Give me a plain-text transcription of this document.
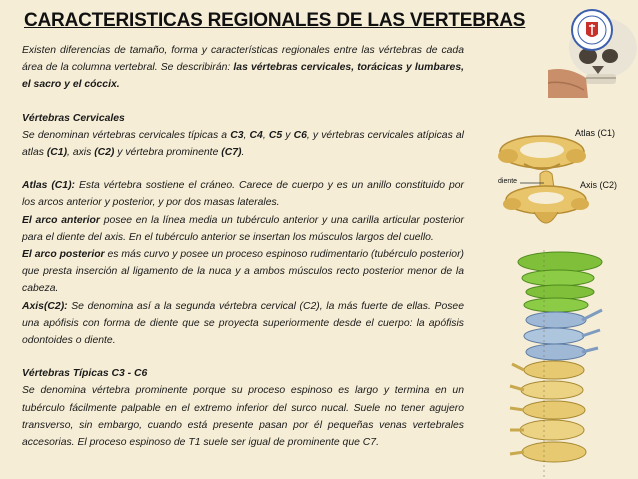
CARACTERISTICAS REGIONALES DE LAS VERTEBRAS

Existen diferencias de tamaño, forma y características regionales entre las vértebras de cada área de la columna vertebral. Se describirán: las vértebras cervicales, torácicas y lumbares, el sacro y el cóccix.

Vértebras Cervicales

Se denominan vértebras cervicales típicas a C3, C4, C5 y C6, y vértebras cervicales atípicas al atlas (C1), axis (C2) y vértebra prominente (C7).

Atlas (C1): Esta vértebra sostiene el cráneo. Carece de cuerpo y es un anillo constituido por los arcos anterior y posterior, y por dos masas laterales.

El arco anterior posee en la línea media un tubérculo anterior y una carilla articular posterior para el diente del axis. En el tubérculo anterior se insertan los músculos largos del cuello.

El arco posterior es más curvo y posee un proceso espinoso rudimentario (tubérculo posterior) que presta inserción al ligamento de la nuca y a ambos músculos recto posterior menor de la cabeza.

Axis(C2): Se denomina así a la segunda vértebra cervical (C2), la más fuerte de ellas. Posee una apófisis con forma de diente que se proyecta superiormente desde el cuerpo: la apófisis odontoides o diente.

Vértebras Típicas C3 - C6

Se denomina vértebra prominente porque su proceso espinoso es largo y termina en un tubérculo fácilmente palpable en el extremo inferior del surco nucal. Suele no tener agujero transverso, sin embargo, cuando está presente pasan por él pequeñas venas vertebrales accesorias. El proceso espinoso de T1 suele ser igual de prominente que C7.

Atlas (C1)
diente	Axis (C2)
